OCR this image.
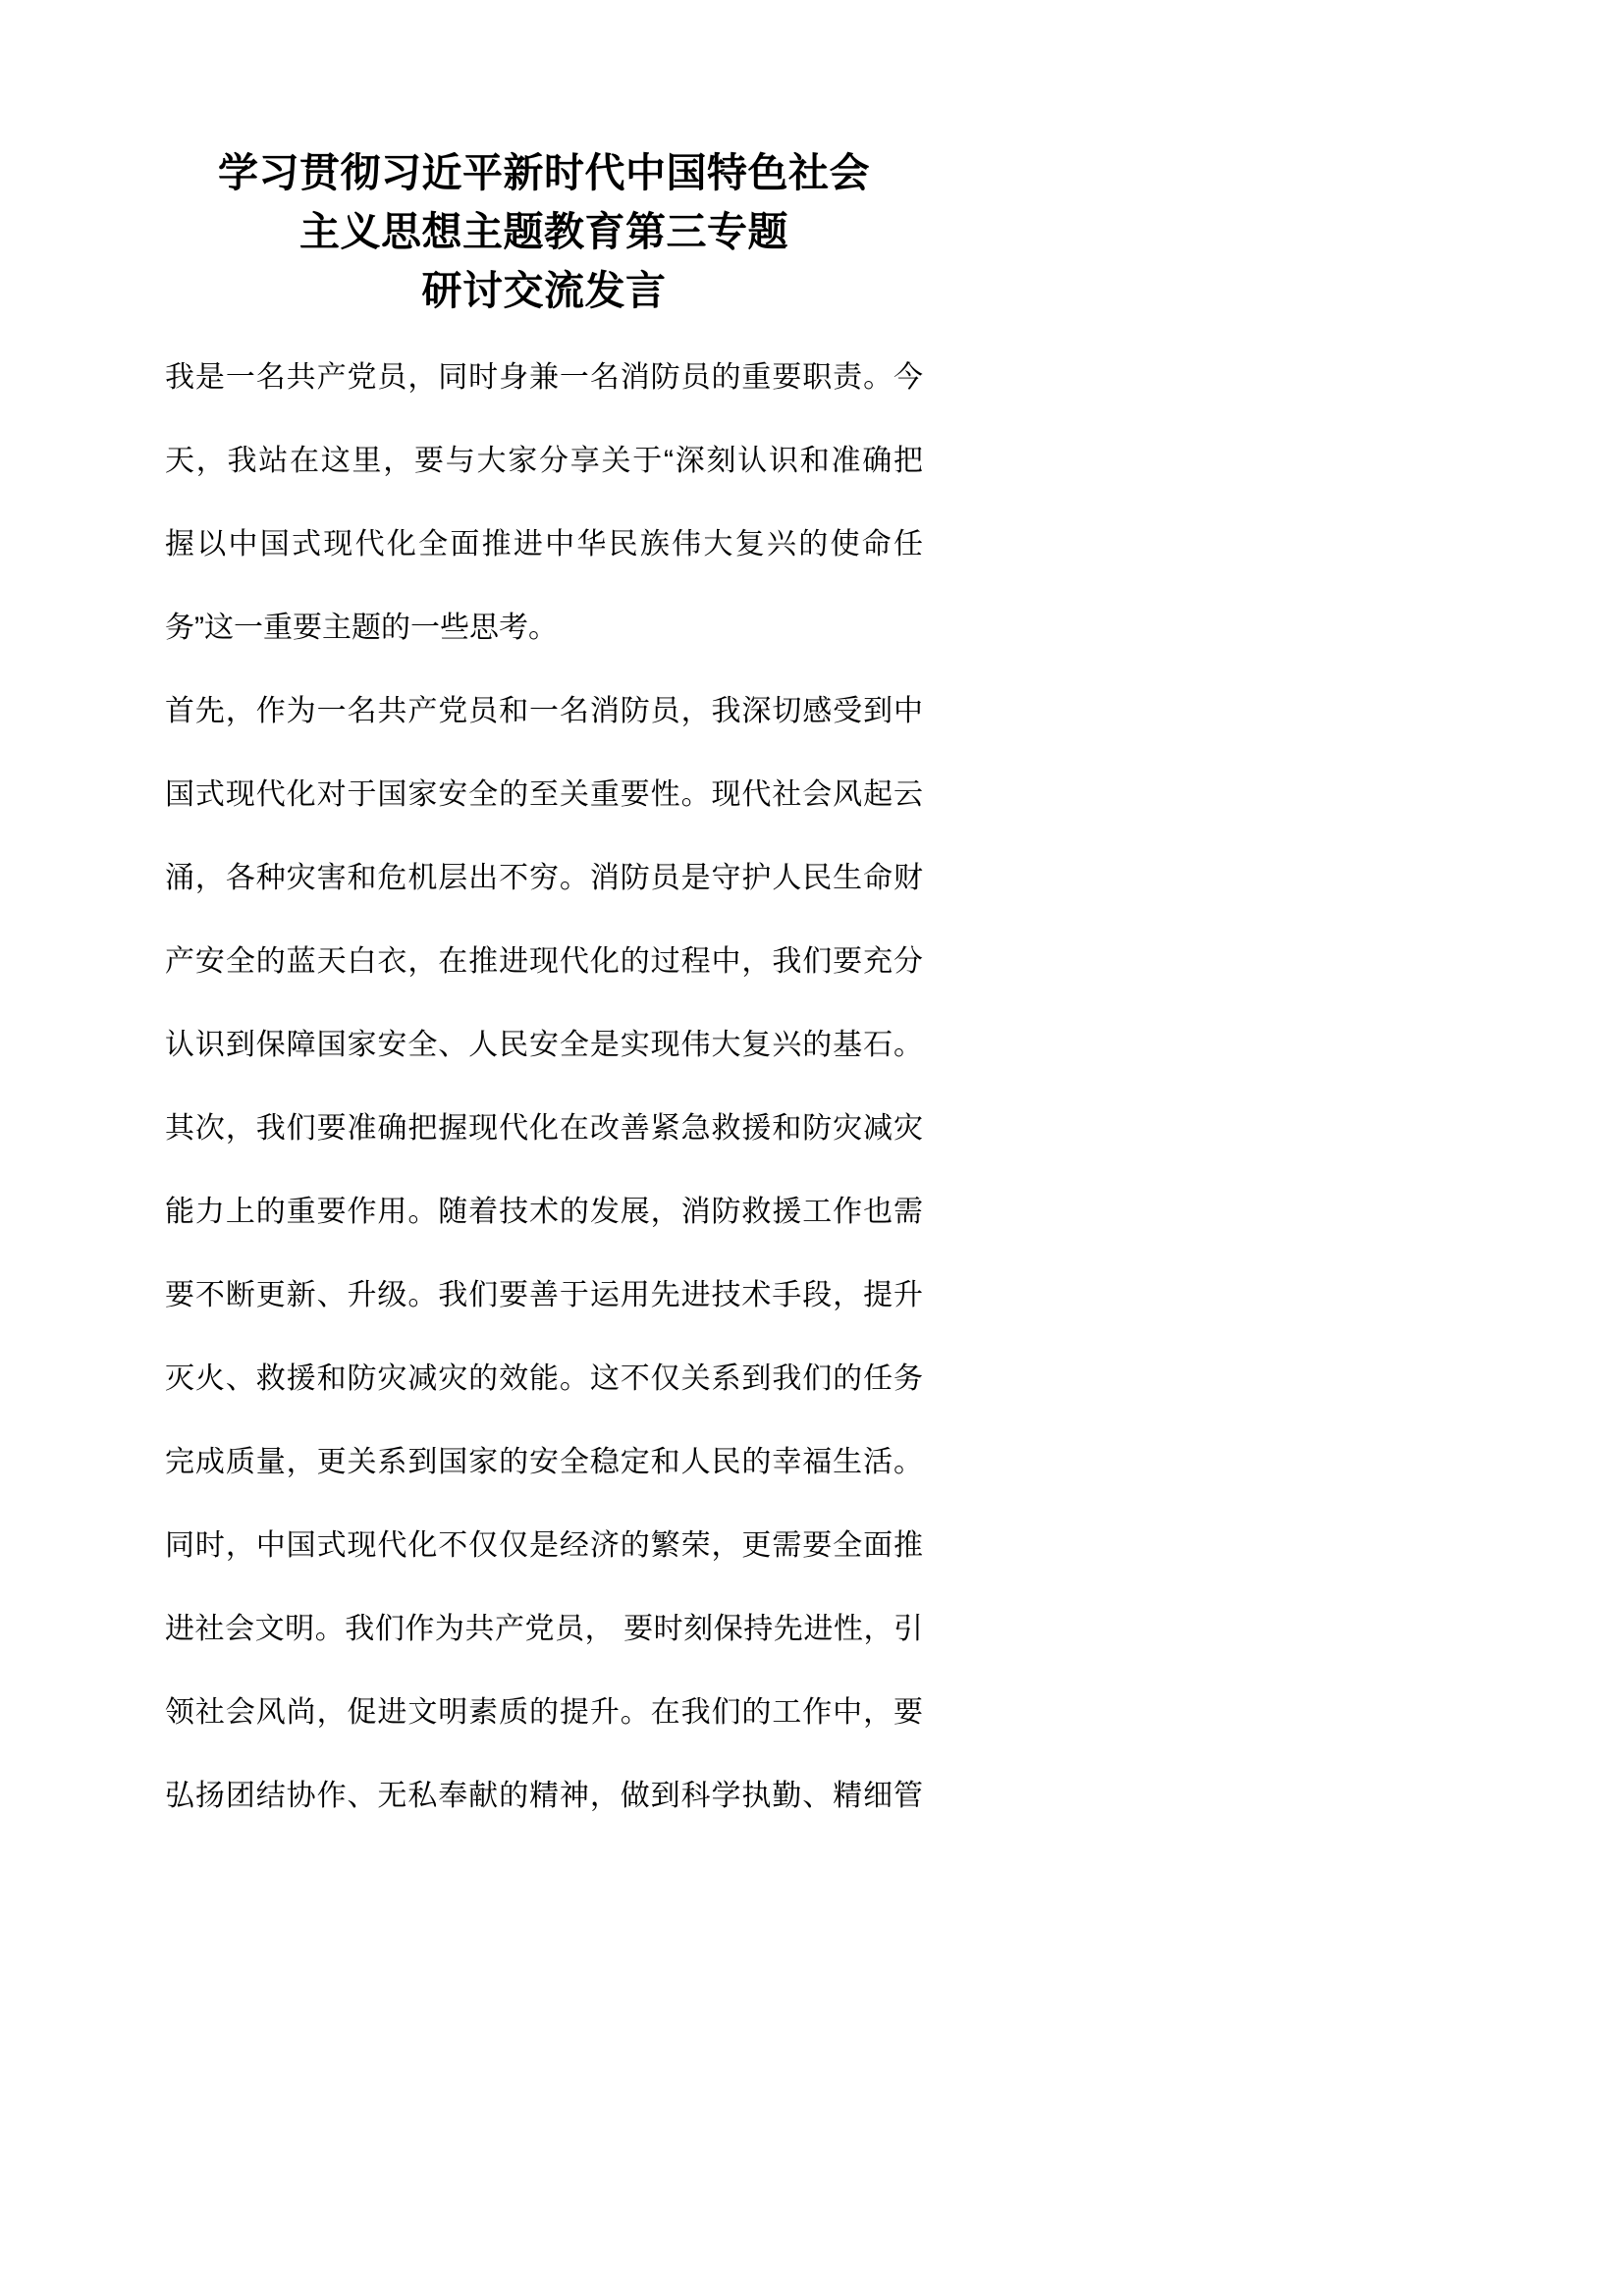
学习贯彻习近平新时代中国特色社会
主义思想主题教育第三专题
研讨交流发言
我是一名共产党员，同时身兼一名消防员的重要职责。今
天，我站在这里，要与大家分享关于“深刻认识和准确把
握以中国式现代化全面推进中华民族伟大复兴的使命任
务”这一重要主题的一些思考。
首先，作为一名共产党员和一名消防员，我深切感受到中
国式现代化对于国家安全的至关重要性。现代社会风起云
涌，各种灾害和危机层出不穷。消防员是守护人民生命财
产安全的蓝天白衣，在推进现代化的过程中，我们要充分
认识到保障国家安全、人民安全是实现伟大复兴的基石。
其次，我们要准确把握现代化在改善紧急救援和防灾减灾
能力上的重要作用。随着技术的发展，消防救援工作也需
要不断更新、升级。我们要善于运用先进技术手段，提升
灭火、救援和防灾减灾的效能。这不仅关系到我们的任务
完成质量，更关系到国家的安全稳定和人民的幸福生活。
同时，中国式现代化不仅仅是经济的繁荣，更需要全面推
进社会文明。我们作为共产党员， 要时刻保持先进性，引
领社会风尚，促进文明素质的提升。在我们的工作中，要
弘扬团结协作、无私奉献的精神，做到科学执勤、精细管
